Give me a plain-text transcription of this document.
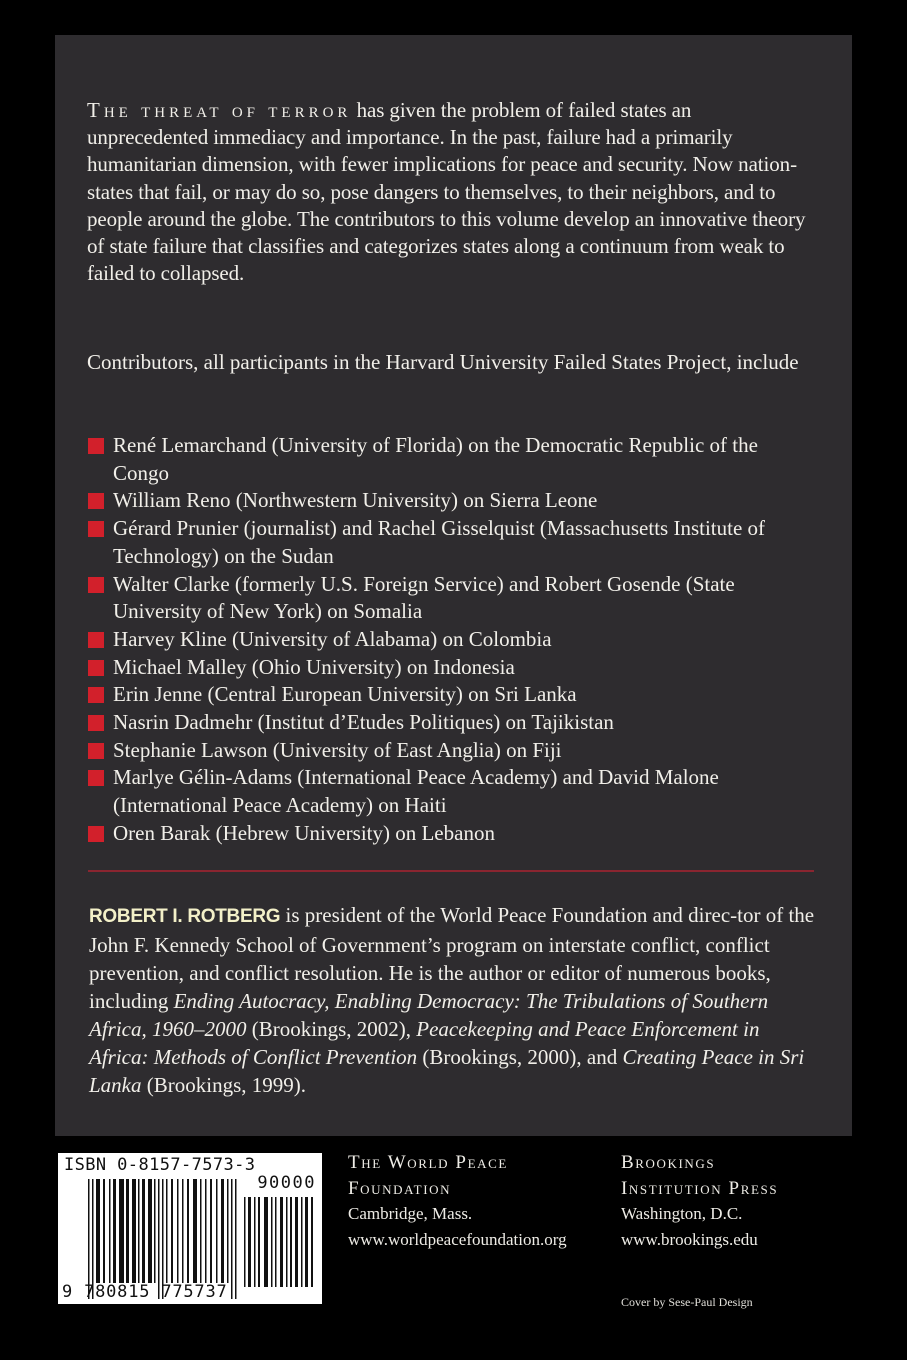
The threat of terror has given the problem of failed states an unprecedented immediacy and importance. In the past, failure had a primarily humanitarian dimension, with fewer implications for peace and security. Now nation-states that fail, or may do so, pose dangers to themselves, to their neighbors, and to people around the globe. The contributors to this volume develop an innovative theory of state failure that classifies and categorizes states along a continuum from weak to failed to collapsed.

Contributors, all participants in the Harvard University Failed States Project, include

René Lemarchand (University of Florida) on the Democratic Republic of the Congo
William Reno (Northwestern University) on Sierra Leone
Gérard Prunier (journalist) and Rachel Gisselquist (Massachusetts Institute of Technology) on the Sudan
Walter Clarke (formerly U.S. Foreign Service) and Robert Gosende (State University of New York) on Somalia
Harvey Kline (University of Alabama) on Colombia
Michael Malley (Ohio University) on Indonesia
Erin Jenne (Central European University) on Sri Lanka
Nasrin Dadmehr (Institut d’Etudes Politiques) on Tajikistan
Stephanie Lawson (University of East Anglia) on Fiji
Marlye Gélin-Adams (International Peace Academy) and David Malone (International Peace Academy) on Haiti
Oren Barak (Hebrew University) on Lebanon

ROBERT I. ROTBERG is president of the World Peace Foundation and direc-tor of the John F. Kennedy School of Government’s program on interstate conflict, conflict prevention, and conflict resolution. He is the author or editor of numerous books, including Ending Autocracy, Enabling Democracy: The Tribulations of Southern Africa, 1960–2000 (Brookings, 2002), Peacekeeping and Peace Enforcement in Africa: Methods of Conflict Prevention (Brookings, 2000), and Creating Peace in Sri Lanka (Brookings, 1999).

ISBN 0-8157-7573-3
90000
9 780815 775737
The World Peace
Foundation
Cambridge, Mass.
www.worldpeacefoundation.org
Brookings
Institution Press
Washington, D.C.
www.brookings.edu
Cover by Sese-Paul Design
